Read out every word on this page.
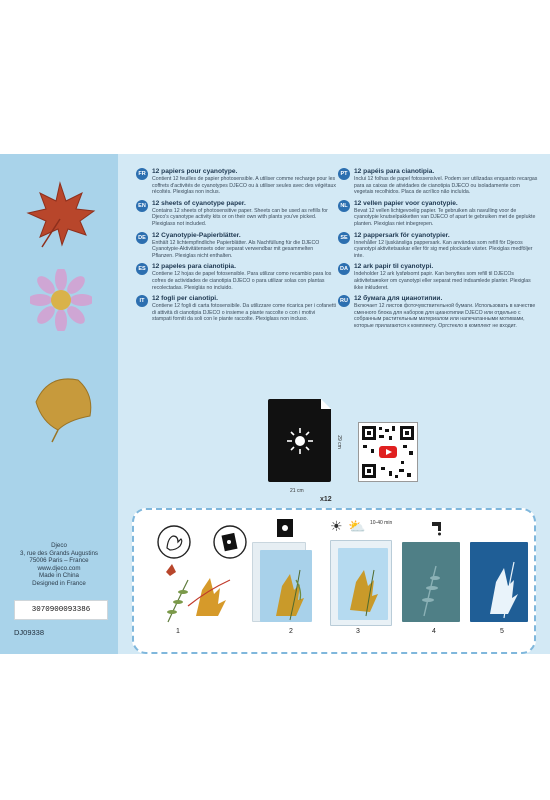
Djeco
3, rue des Grands Augustins
75006 Paris – France
www.djeco.com
Made in China
Designed in France
3070900093386
DJ09338
FR 12 papiers pour cyanotype.
Contient 12 feuilles de papier photosensible. A utiliser comme recharge pour les coffrets d'activités de cyanotypes DJECO ou à utiliser seules avec des végétaux récoltés. Plexiglas non inclus.
EN 12 sheets of cyanotype paper.
Contains 12 sheets of photosensitive paper. Sheets can be used as refills for Djeco's cyanotype activity kits or on their own with plants you've picked. Plexiglass not included.
DE 12 Cyanotypie-Papierblätter.
Enthält 12 lichtempfindliche Papierblätter. Als Nachfüllung für die DJECO Cyanotypie-Aktivitätensets oder separat verwendbar mit gesammelten Pflanzen. Plexiglas nicht enthalten.
ES 12 papeles para cianotipia.
Contiene 12 hojas de papel fotosensible. Para utilizar como recambio para los cofres de actividades de cianotipia DJECO o para utilizar solas con plantas recolectadas. Plexiglás no incluido.
IT	12 fogli per cianotipi.
Contiene 12 fogli di carta fotosensibile. Da utilizzare come ricarica per i cofanetti di attività di cianotipia DJECO o insieme a piante raccolte o con i motivi stampati forniti da soli con le piante raccolte. Plexiglass non incluso.
PT 12 papéis para cianotipia.
Inclui 12 folhas de papel fotossensível. Podem ser utilizadas enquanto recargas para as caixas de atividades de cianotipia DJECO ou isoladamente com vegetais recolhidos. Placa de acrílico não incluída.
NL 12 vellen papier voor cyanotypie.
Bevat 12 vellen lichtgevoelig papier. Te gebruiken als navulling voor de cyanotypie knutselpakketten van DJECO of apart te gebruiken met de geplukte planten. Plexiglas niet inbegrepen.
SE 12 pappersark för cyanotypier.
Innehåller 12 ljuskänsliga pappersark. Kan användas som refill för Djecos cyanotypi aktivitetsaskar eller för sig med plockade växter. Plexiglas medföljer inte.
DA 12 ark papir til cyanotypi.
Indeholder 12 ark lysfølsomt papir. Kan benyttes som refill til DJECOs aktivitetsæsker om cyanotypi eller separat med indsamlede planter. Plexiglas ikke inkluderet.
RU 12 бумага для цианотипии.
Включает 12 листов фоточувствительной бумаги. Использовать в качестве сменного блока для наборов для цианотипии DJECO или отдельно с собранным растительным материалом или напечатанными мотивами, которые прилагаются к комплекту. Оргстекло в комплект не входит.
21 cm
29 cm
x12
1	2
☀ ⛅ 10-40 min
3	4	5
